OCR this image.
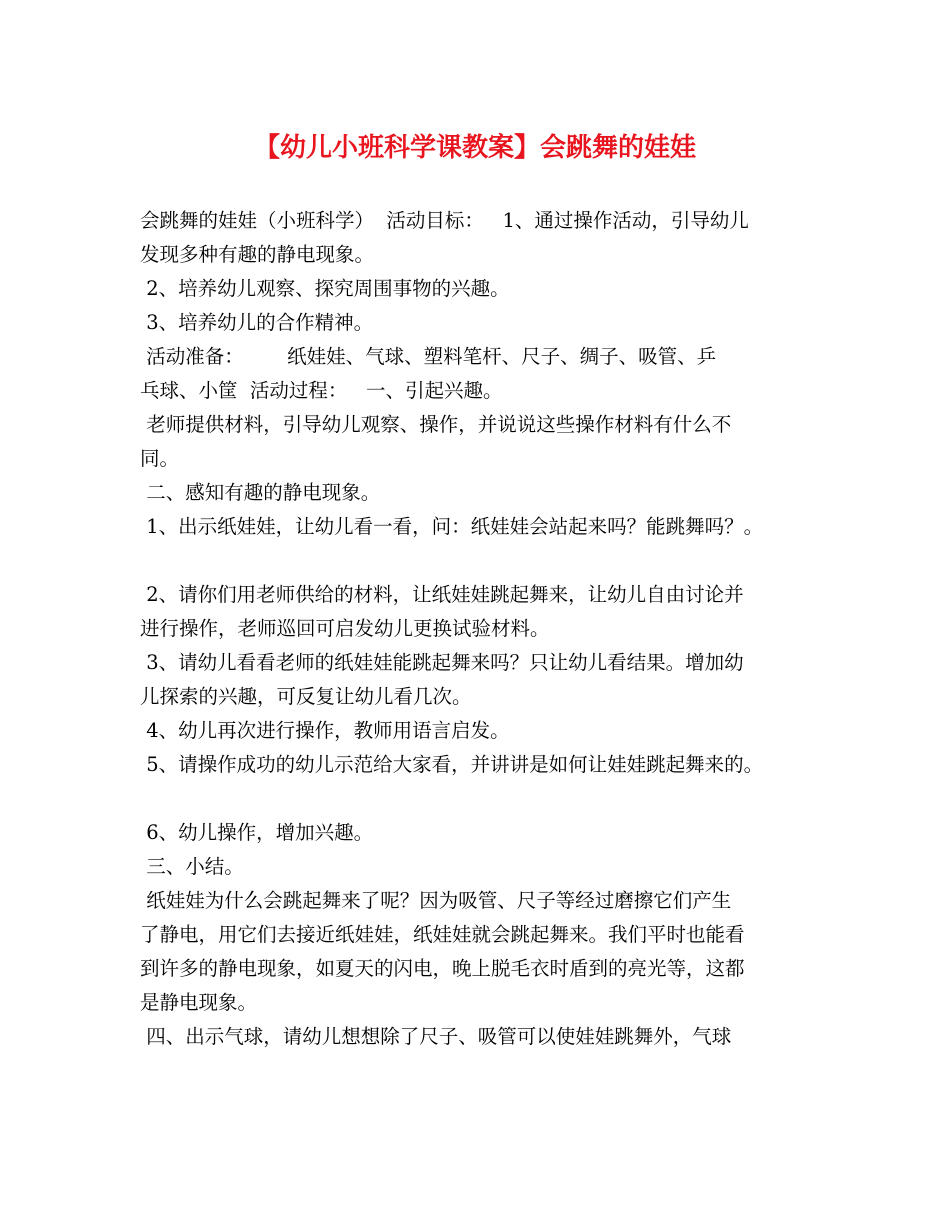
【幼儿小班科学课教案】会跳舞的娃娃
会跳舞的娃娃（小班科学）  活动目标：   1、通过操作活动，引导幼儿
发现多种有趣的静电现象。
2、培养幼儿观察、探究周围事物的兴趣。
3、培养幼儿的合作精神。
活动准备：       纸娃娃、气球、塑料笔杆、尺子、绸子、吸管、乒
乓球、小筐  活动过程：   一、引起兴趣。
老师提供材料，引导幼儿观察、操作，并说说这些操作材料有什么不
同。
二、感知有趣的静电现象。
1、出示纸娃娃，让幼儿看一看，问：纸娃娃会站起来吗？能跳舞吗？。
2、请你们用老师供给的材料，让纸娃娃跳起舞来，让幼儿自由讨论并
进行操作，老师巡回可启发幼儿更换试验材料。
3、请幼儿看看老师的纸娃娃能跳起舞来吗？只让幼儿看结果。增加幼
儿探索的兴趣，可反复让幼儿看几次。
4、幼儿再次进行操作，教师用语言启发。
5、请操作成功的幼儿示范给大家看，并讲讲是如何让娃娃跳起舞来的。
6、幼儿操作，增加兴趣。
三、小结。
纸娃娃为什么会跳起舞来了呢？因为吸管、尺子等经过磨擦它们产生
了静电，用它们去接近纸娃娃，纸娃娃就会跳起舞来。我们平时也能看
到许多的静电现象，如夏天的闪电，晚上脱毛衣时盾到的亮光等，这都
是静电现象。
四、出示气球，请幼儿想想除了尺子、吸管可以使娃娃跳舞外，气球
